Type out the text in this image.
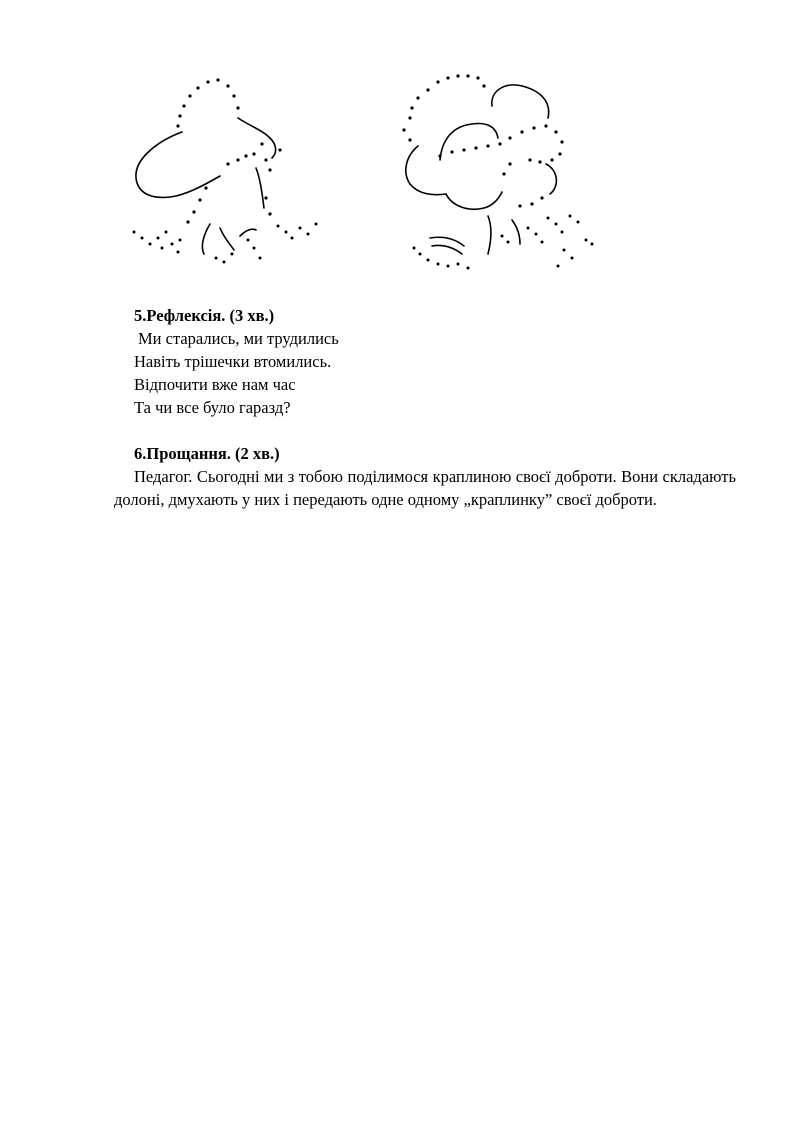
5.Рефлексія. (3 хв.)
Ми старались, ми трудились
Навіть трішечки втомились.
Відпочити вже нам час
Та чи все було гаразд?
6.Прощання. (2 хв.)
Педагог. Сьогодні ми з тобою поділимося краплиною своєї доброти. Вони складають долоні, дмухають у них і передають одне одному „краплинку” своєї доброти.
